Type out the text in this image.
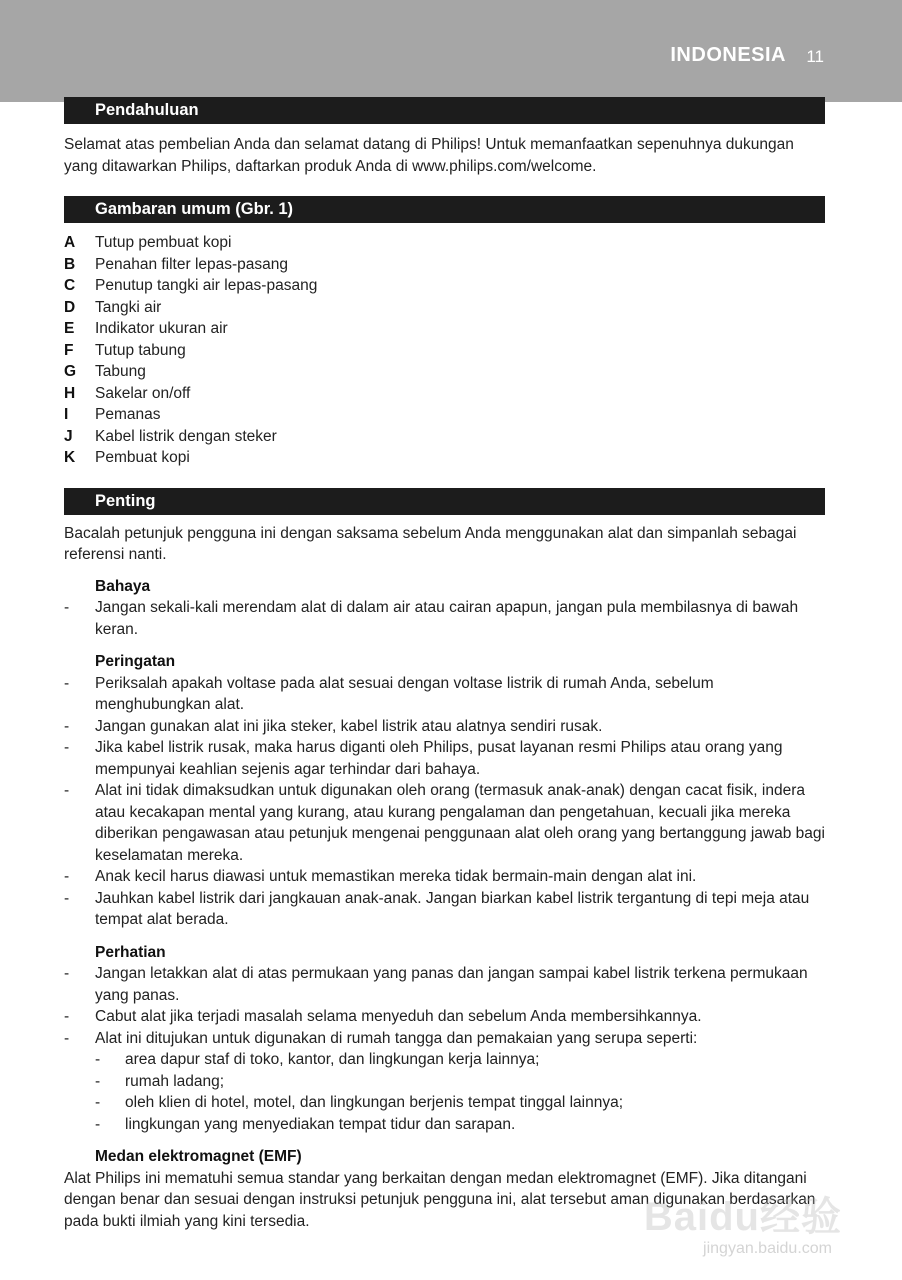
INDONESIA 11
Pendahuluan

Selamat atas pembelian Anda dan selamat datang di Philips! Untuk memanfaatkan sepenuhnya dukungan yang ditawarkan Philips, daftarkan produk Anda di www.philips.com/welcome.

Gambaran umum (Gbr. 1)
A	Tutup pembuat kopi
B	Penahan filter lepas-pasang
C	Penutup tangki air lepas-pasang
D	Tangki air
E	Indikator ukuran air
F	Tutup tabung
G	Tabung
H	Sakelar on/off
I	Pemanas
J	Kabel listrik dengan steker
K	Pembuat kopi
Penting

Bacalah petunjuk pengguna ini dengan saksama sebelum Anda menggunakan alat dan simpanlah sebagai referensi nanti.

Bahaya
-	Jangan sekali-kali merendam alat di dalam air atau cairan apapun, jangan pula membilasnya di bawah keran.
Peringatan
-	Periksalah apakah voltase pada alat sesuai dengan voltase listrik di rumah Anda, sebelum menghubungkan alat.
-	Jangan gunakan alat ini jika steker, kabel listrik atau alatnya sendiri rusak.
-	Jika kabel listrik rusak, maka harus diganti oleh Philips, pusat layanan resmi Philips atau orang yang mempunyai keahlian sejenis agar terhindar dari bahaya.
-	Alat ini tidak dimaksudkan untuk digunakan oleh orang (termasuk anak-anak) dengan cacat fisik, indera atau kecakapan mental yang kurang, atau kurang pengalaman dan pengetahuan, kecuali jika mereka diberikan pengawasan atau petunjuk mengenai penggunaan alat oleh orang yang bertanggung jawab bagi keselamatan mereka.
-	Anak kecil harus diawasi untuk memastikan mereka tidak bermain-main dengan alat ini.
-	Jauhkan kabel listrik dari jangkauan anak-anak. Jangan biarkan kabel listrik tergantung di tepi meja atau tempat alat berada.
Perhatian
-	Jangan letakkan alat di atas permukaan yang panas dan jangan sampai kabel listrik terkena permukaan yang panas.
-	Cabut alat jika terjadi masalah selama menyeduh dan sebelum Anda membersihkannya.
-	Alat ini ditujukan untuk digunakan di rumah tangga dan pemakaian yang serupa seperti:
-	area dapur staf di toko, kantor, dan lingkungan kerja lainnya;
-	rumah ladang;
-	oleh klien di hotel, motel, dan lingkungan berjenis tempat tinggal lainnya;
-	lingkungan yang menyediakan tempat tidur dan sarapan.
Medan elektromagnet (EMF)

Alat Philips ini mematuhi semua standar yang berkaitan dengan medan elektromagnet (EMF). Jika ditangani dengan benar dan sesuai dengan instruksi petunjuk pengguna ini, alat tersebut aman digunakan berdasarkan pada bukti ilmiah yang kini tersedia.	Baidu经验
jingyan.baidu.com
